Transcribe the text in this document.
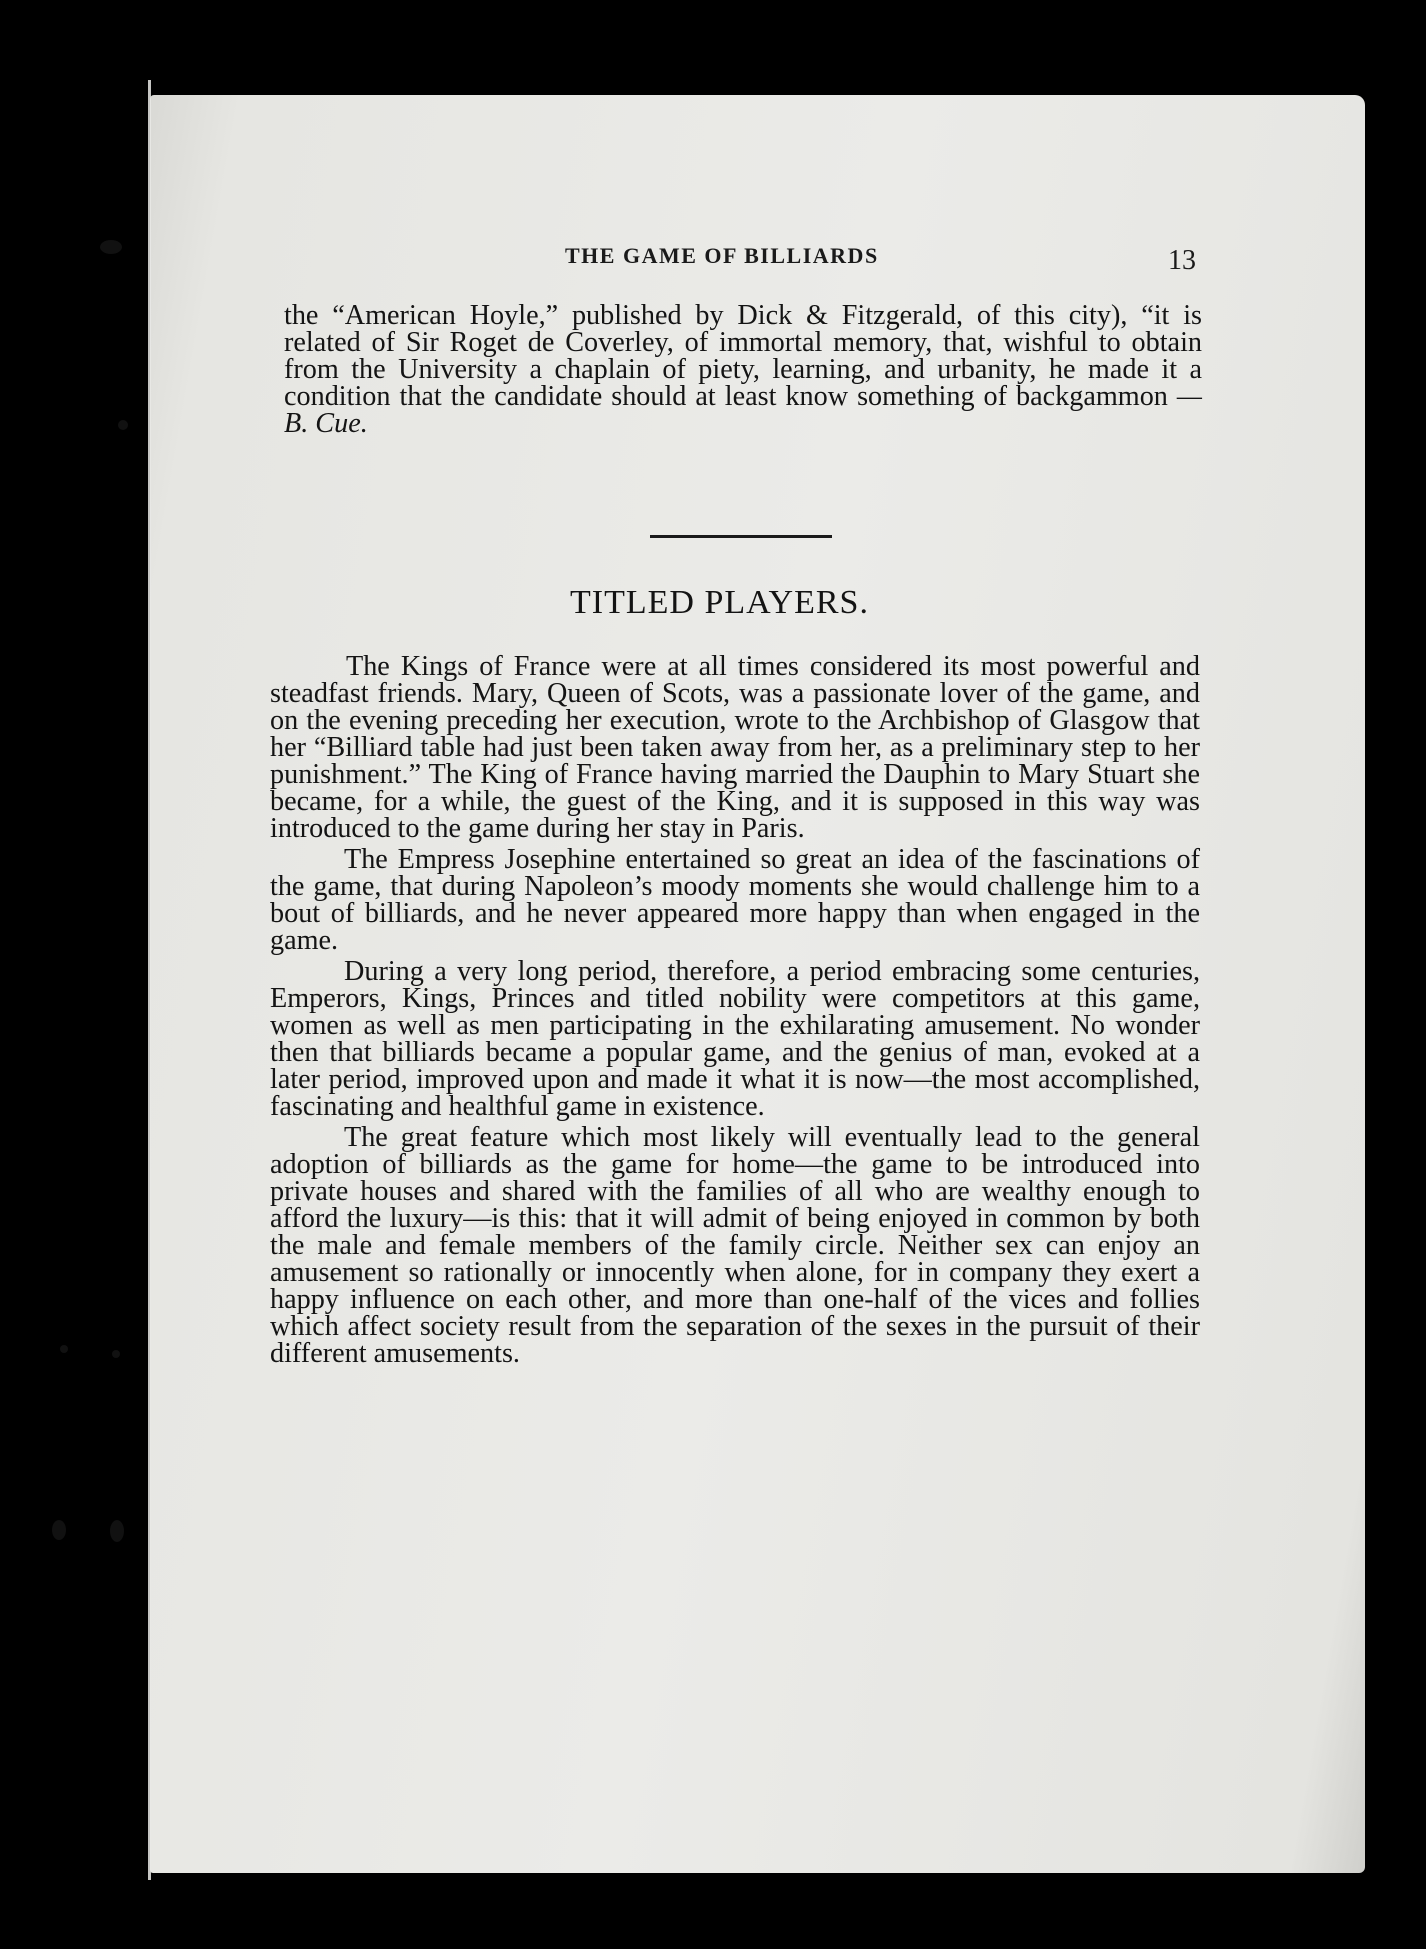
THE GAME OF BILLIARDS	13
the “American Hoyle,” published by Dick & Fitzgerald, of this city), “it is related of Sir Roget de Coverley, of immortal memory, that, wishful to obtain from the University a chaplain of piety, learning, and urbanity, he made it a condition that the candidate should at least know something of backgammon —B. Cue.
TITLED PLAYERS.

The Kings of France were at all times considered its most powerful and steadfast friends. Mary, Queen of Scots, was a passionate lover of the game, and on the evening preceding her execution, wrote to the Archbishop of Glasgow that her “Billiard table had just been taken away from her, as a preliminary step to her punishment.” The King of France having married the Dauphin to Mary Stuart she became, for a while, the guest of the King, and it is supposed in this way was introduced to the game during her stay in Paris.

The Empress Josephine entertained so great an idea of the fascinations of the game, that during Napoleon’s moody moments she would challenge him to a bout of billiards, and he never appeared more happy than when engaged in the game.

During a very long period, therefore, a period embracing some centuries, Emperors, Kings, Princes and titled nobility were competitors at this game, women as well as men participating in the exhilarating amusement. No wonder then that billiards became a popular game, and the genius of man, evoked at a later period, improved upon and made it what it is now—the most accomplished, fascinating and healthful game in existence.

The great feature which most likely will eventually lead to the general adoption of billiards as the game for home—the game to be introduced into private houses and shared with the families of all who are wealthy enough to afford the luxury—is this: that it will admit of being enjoyed in common by both the male and female members of the family circle. Neither sex can enjoy an amusement so rationally or innocently when alone, for in company they exert a happy influence on each other, and more than one-half of the vices and follies which affect society result from the separation of the sexes in the pursuit of their different amusements.
